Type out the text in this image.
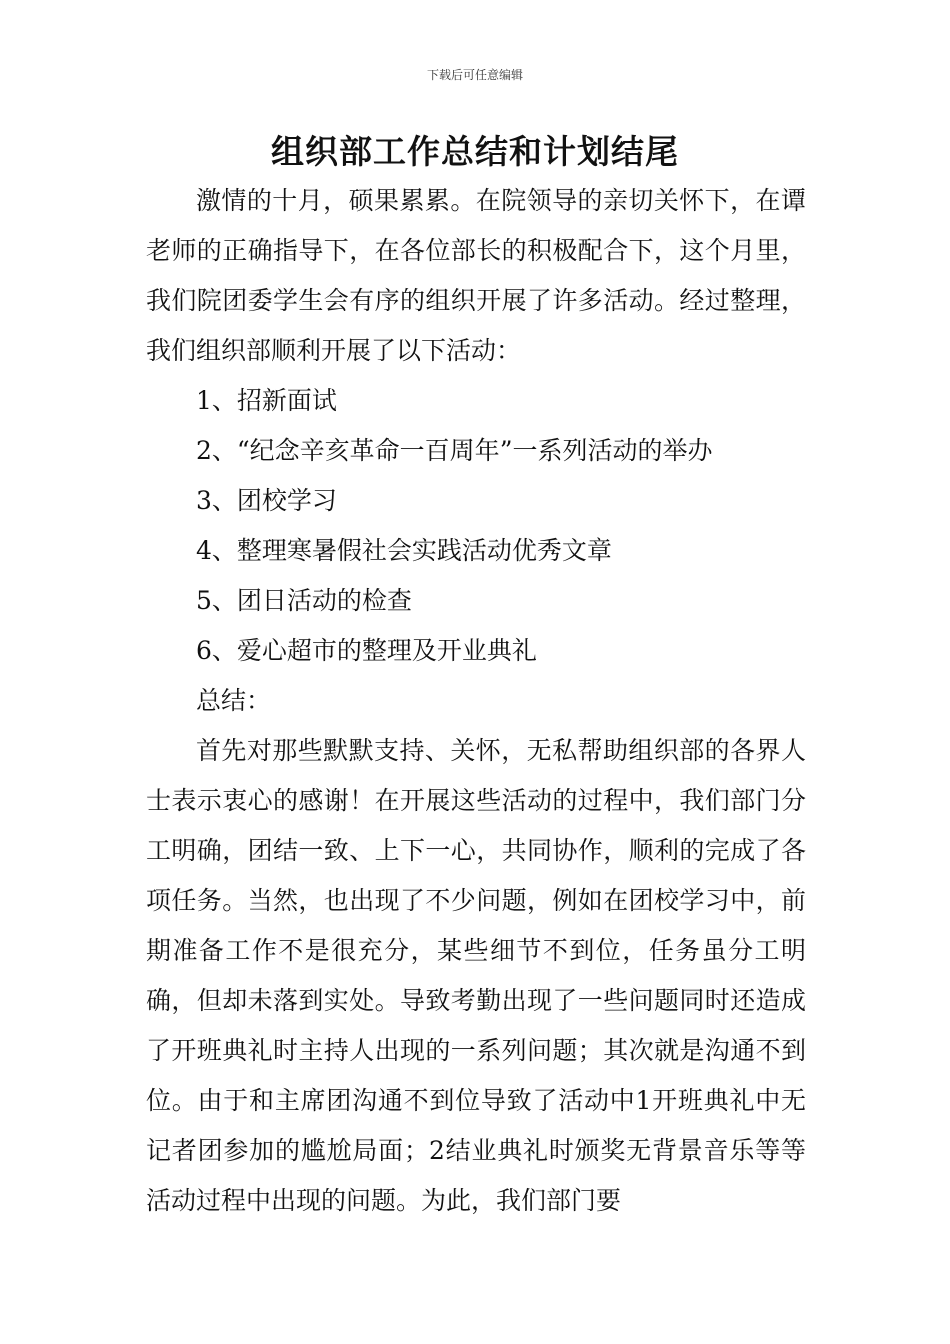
下载后可任意编辑
组织部工作总结和计划结尾

激情的十月，硕果累累。在院领导的亲切关怀下，在谭老师的正确指导下，在各位部长的积极配合下，这个月里，我们院团委学生会有序的组织开展了许多活动。经过整理，我们组织部顺利开展了以下活动：

1、招新面试

2、“纪念辛亥革命一百周年”一系列活动的举办

3、团校学习

4、整理寒暑假社会实践活动优秀文章

5、团日活动的检查

6、爱心超市的整理及开业典礼

总结：

首先对那些默默支持、关怀，无私帮助组织部的各界人士表示衷心的感谢！在开展这些活动的过程中，我们部门分工明确，团结一致、上下一心，共同协作，顺利的完成了各项任务。当然，也出现了不少问题，例如在团校学习中，前期准备工作不是很充分，某些细节不到位，任务虽分工明确，但却未落到实处。导致考勤出现了一些问题同时还造成了开班典礼时主持人出现的一系列问题；其次就是沟通不到位。由于和主席团沟通不到位导致了活动中1开班典礼中无记者团参加的尴尬局面；2结业典礼时颁奖无背景音乐等等活动过程中出现的问题。为此，我们部门要
